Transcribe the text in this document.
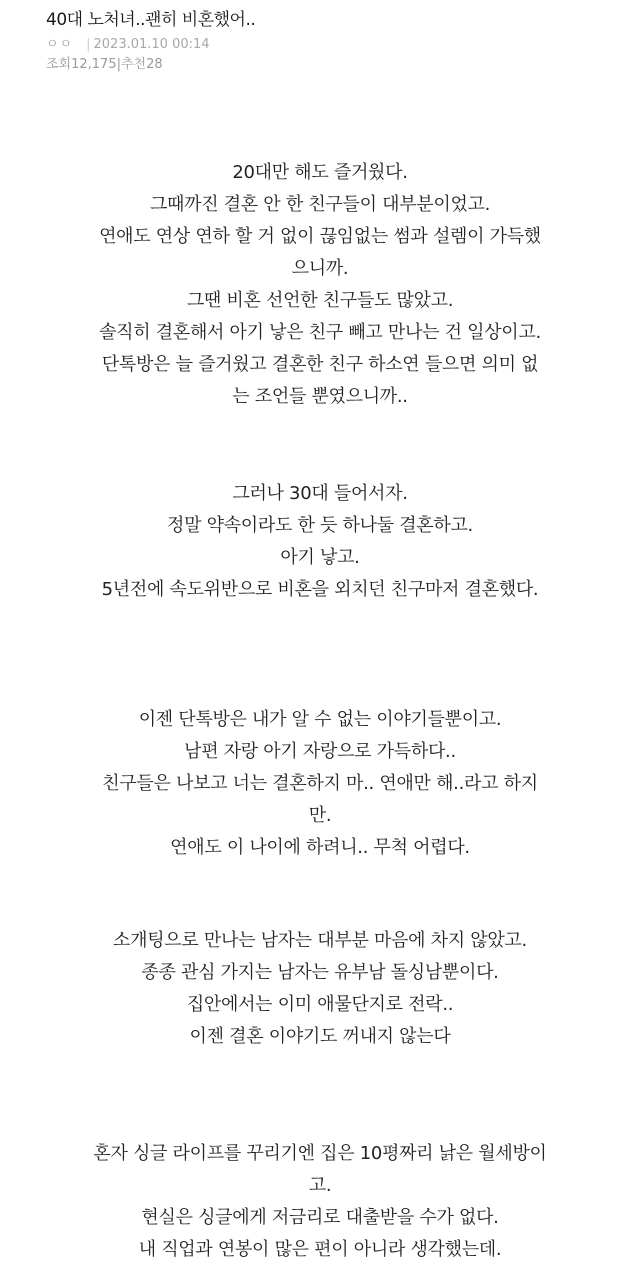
40대 노처녀..괜히 비혼했어..
ㅇㅇ | 2023.01.10 00:14
조회12,175|추천28
20대만 해도 즐거웠다.
그때까진 결혼 안 한 친구들이 대부분이었고.
연애도 연상 연하 할 거 없이 끊임없는 썸과 설렘이 가득했
으니까.
그땐 비혼 선언한 친구들도 많았고.
솔직히 결혼해서 아기 낳은 친구 빼고 만나는 건 일상이고.
단톡방은 늘 즐거웠고 결혼한 친구 하소연 들으면 의미 없
는 조언들 뿐였으니까..
그러나 30대 들어서자.
정말 약속이라도 한 듯 하나둘 결혼하고.
아기 낳고.
5년전에 속도위반으로 비혼을 외치던 친구마저 결혼했다.
이젠 단톡방은 내가 알 수 없는 이야기들뿐이고.
남편 자랑 아기 자랑으로 가득하다..
친구들은 나보고 너는 결혼하지 마.. 연애만 해..라고 하지
만.
연애도 이 나이에 하려니.. 무척 어렵다.
소개팅으로 만나는 남자는 대부분 마음에 차지 않았고.
종종 관심 가지는 남자는 유부남 돌싱남뿐이다.
집안에서는 이미 애물단지로 전락..
이젠 결혼 이야기도 꺼내지 않는다
혼자 싱글 라이프를 꾸리기엔 집은 10평짜리 낡은 월세방이
고.
현실은 싱글에게 저금리로 대출받을 수가 없다.
내 직업과 연봉이 많은 편이 아니라 생각했는데.
